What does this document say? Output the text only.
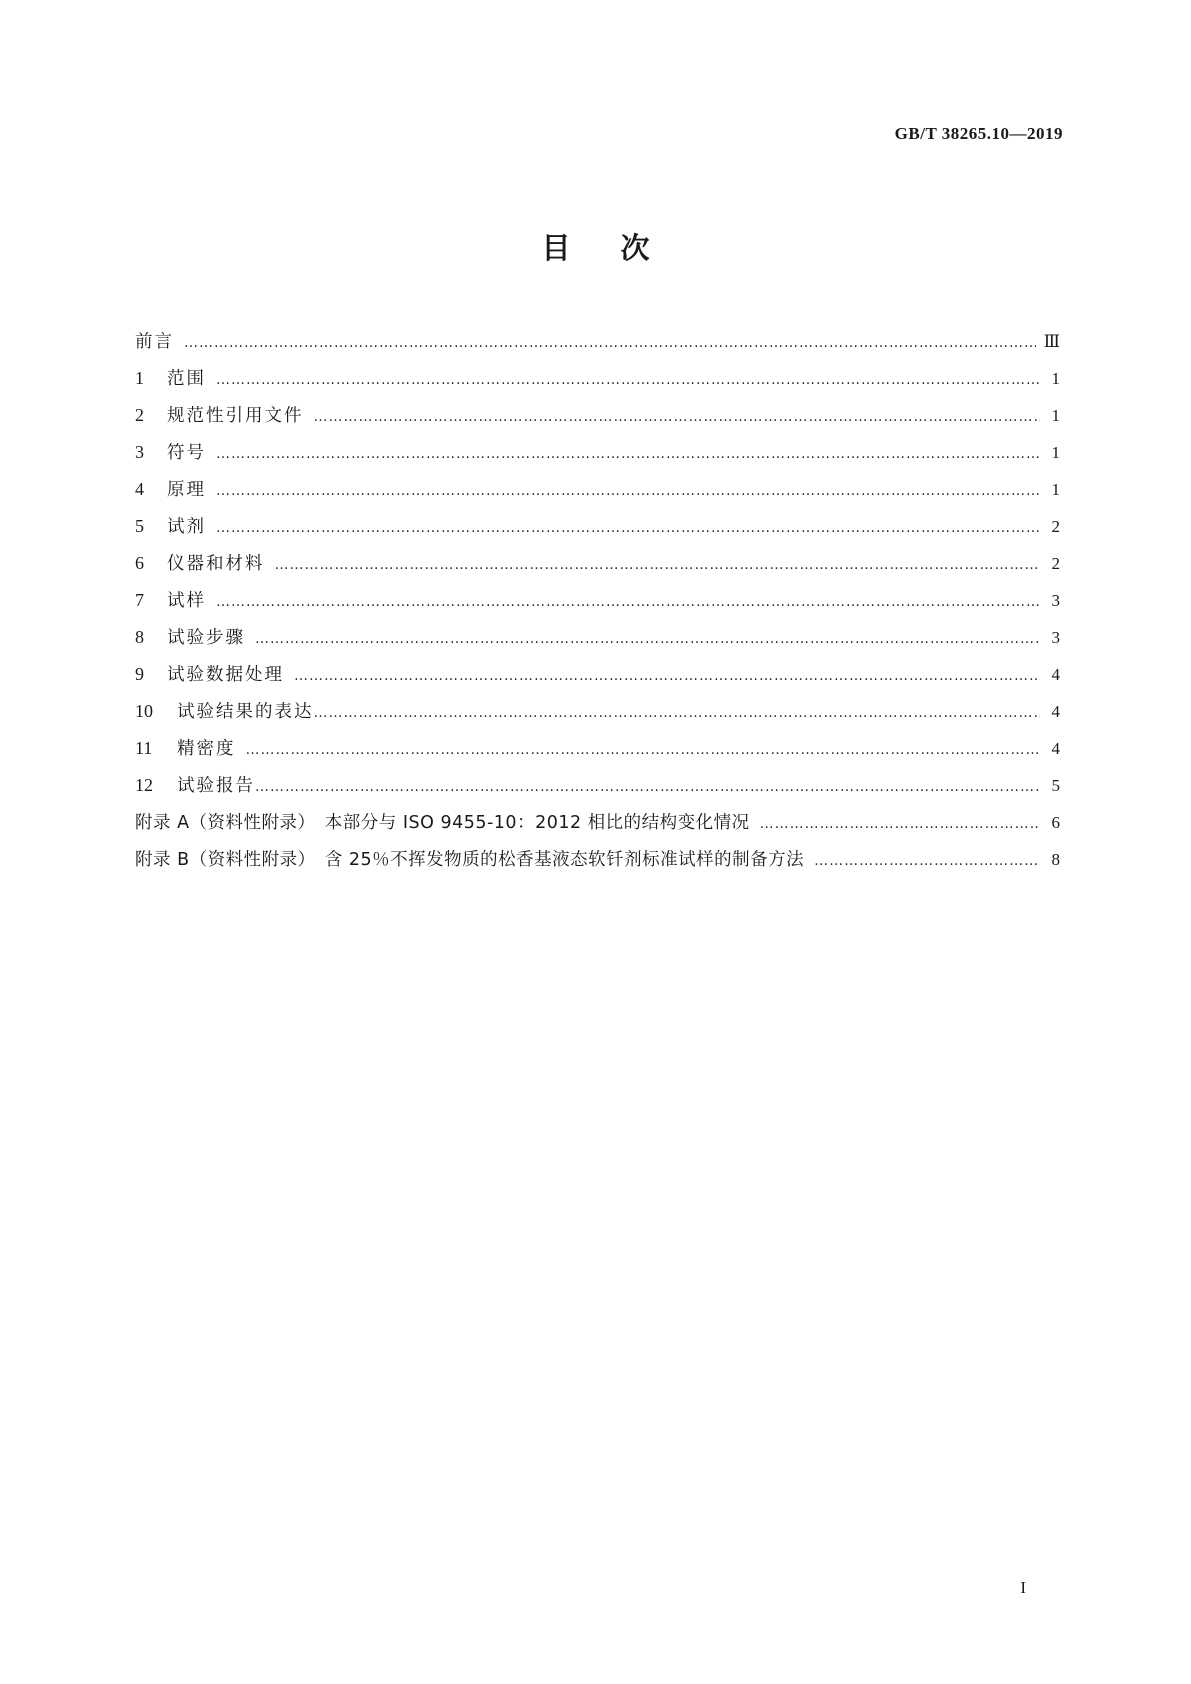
GB/T 38265.10—2019
目次
前言 ………………………………………………………………………………………………………………………………………………………………………………………………	Ⅲ
1	范围 ………………………………………………………………………………………………………………………………………………………………………………………………	1
2	规范性引用文件 ………………………………………………………………………………………………………………………………………………………………………………………………	1
3	符号 ………………………………………………………………………………………………………………………………………………………………………………………………	1
4	原理 ………………………………………………………………………………………………………………………………………………………………………………………………	1
5	试剂 ………………………………………………………………………………………………………………………………………………………………………………………………	2
6	仪器和材料 ………………………………………………………………………………………………………………………………………………………………………………………………	2
7	试样 ………………………………………………………………………………………………………………………………………………………………………………………………	3
8	试验步骤 ………………………………………………………………………………………………………………………………………………………………………………………………	3
9	试验数据处理 ………………………………………………………………………………………………………………………………………………………………………………………………	4
10	试验结果的表达 ………………………………………………………………………………………………………………………………………………………………………………………………	4
11	精密度 ………………………………………………………………………………………………………………………………………………………………………………………………	4
12	试验报告 ………………………………………………………………………………………………………………………………………………………………………………………………	5
附录 A（资料性附录）　本部分与 ISO 9455-10：2012 相比的结构变化情况 ………………………………………………………………………………………………………………………………………………………………………………………………	6
附录 B（资料性附录）　含 25％不挥发物质的松香基液态软钎剂标准试样的制备方法 ………………………………………………………………………………………………………………………………………………………………………………………………	8
I
